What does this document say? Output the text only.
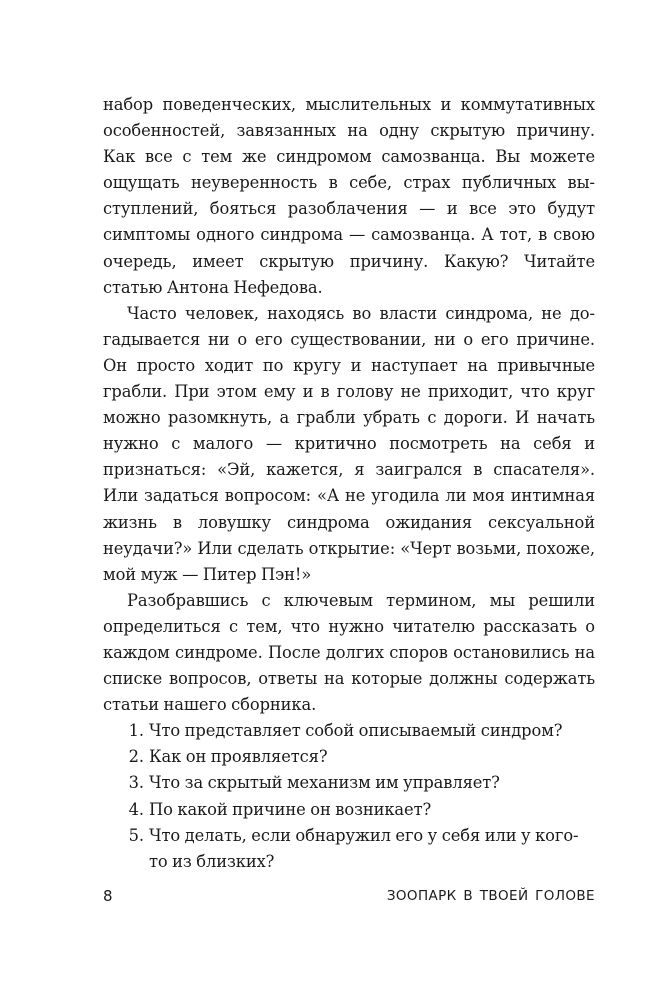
набор поведенческих, мыслительных и коммутативных особенностей, завязанных на одну скрытую причину. Как все с тем же синдромом самозванца. Вы можете ощущать неуверенность в себе, страх публичных выступлений, бояться разоблачения — и все это будут симптомы одного синдрома — самозванца. А тот, в свою очередь, имеет скрытую причину. Какую? Читайте статью Антона Нефедова.

Часто человек, находясь во власти синдрома, не догадывается ни о его существовании, ни о его причине. Он просто ходит по кругу и наступает на привычные грабли. При этом ему и в голову не приходит, что круг можно разомкнуть, а грабли убрать с дороги. И начать нужно с малого — критично посмотреть на себя и признаться: «Эй, кажется, я заигрался в спасателя». Или задаться вопросом: «А не угодила ли моя интимная жизнь в ловушку синдрома ожидания сексуальной неудачи?» Или сделать открытие: «Черт возьми, похоже, мой муж — Питер Пэн!»

Разобравшись с ключевым термином, мы решили определиться с тем, что нужно читателю рассказать о каждом синдроме. После долгих споров остановились на списке вопросов, ответы на которые должны содержать статьи нашего сборника.

1. Что представляет собой описываемый синдром?
2. Как он проявляется?
3. Что за скрытый механизм им управляет?
4. По какой причине он возникает?
5. Что делать, если обнаружил его у себя или у кого-то из близких?
8	ЗООПАРК В ТВОЕЙ ГОЛОВЕ
